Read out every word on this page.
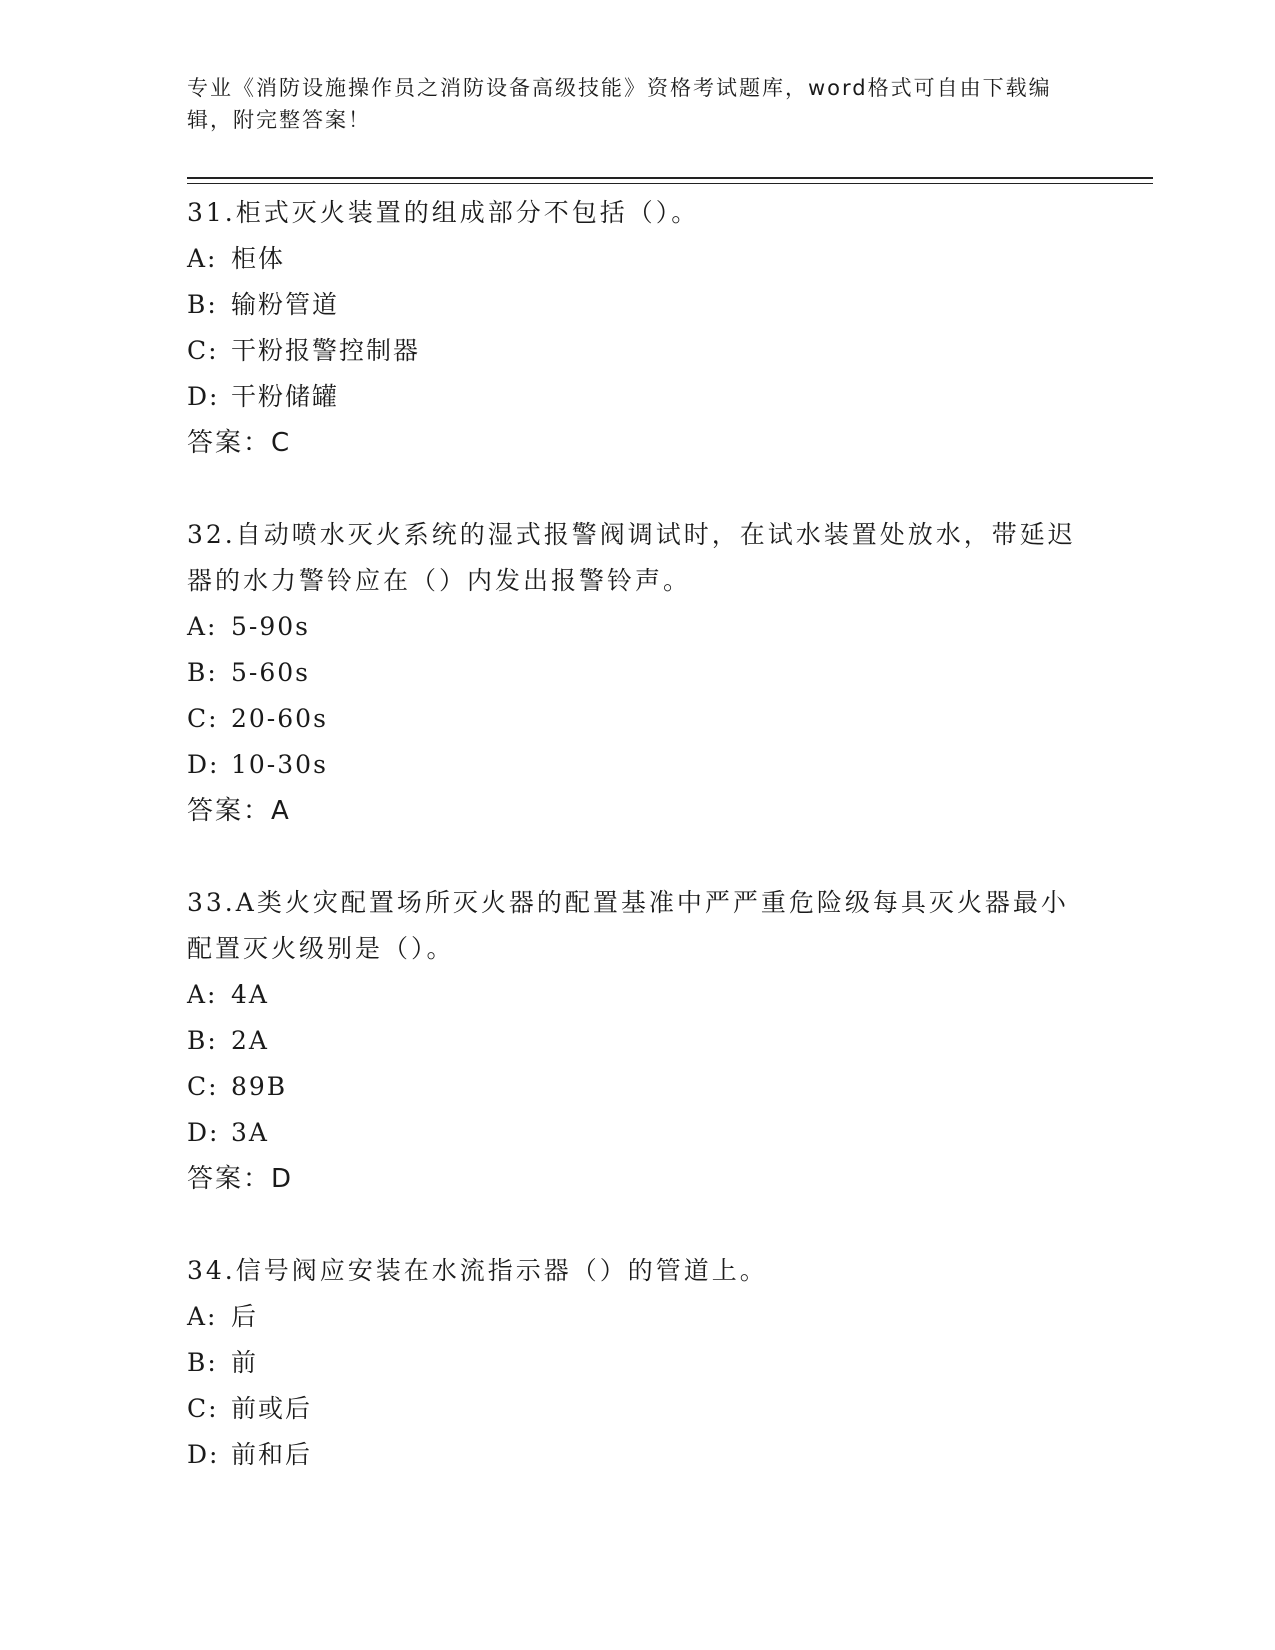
专业《消防设施操作员之消防设备高级技能》资格考试题库，word格式可自由下载编辑，附完整答案！

31.柜式灭火装置的组成部分不包括（）。

A: 柜体

B: 输粉管道

C: 干粉报警控制器

D: 干粉储罐

答案：C

32.自动喷水灭火系统的湿式报警阀调试时，在试水装置处放水，带延迟器的水力警铃应在（）内发出报警铃声。

A: 5-90s

B: 5-60s

C: 20-60s

D: 10-30s

答案：A

33.A类火灾配置场所灭火器的配置基准中严严重危险级每具灭火器最小配置灭火级别是（）。

A: 4A

B: 2A

C: 89B

D: 3A

答案：D

34.信号阀应安装在水流指示器（）的管道上。

A: 后

B: 前

C: 前或后

D: 前和后
